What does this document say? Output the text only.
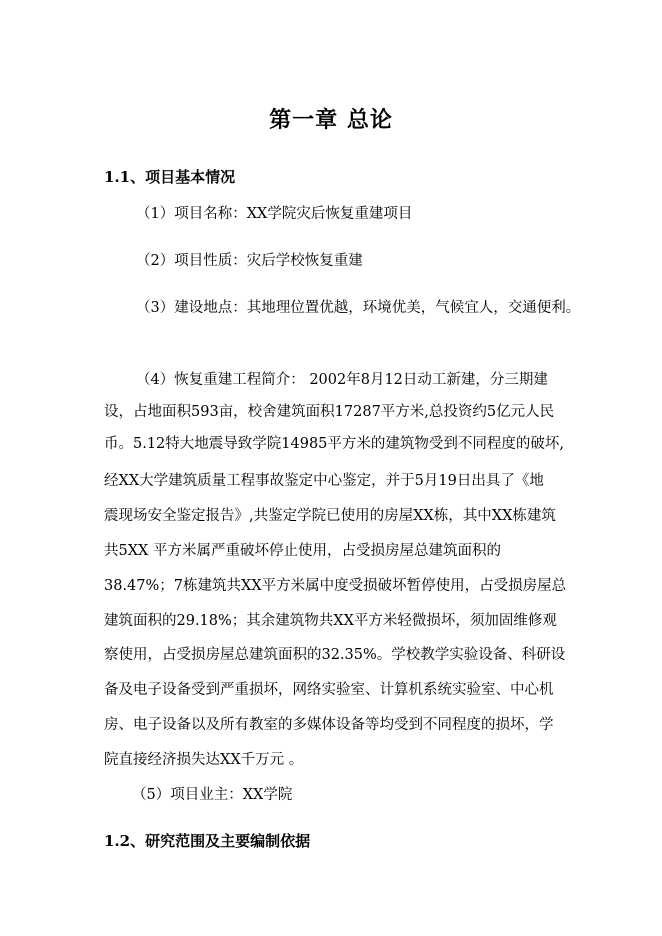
第一章 总论
1.1、项目基本情况

（1）项目名称：XX学院灾后恢复重建项目

（2）项目性质：灾后学校恢复重建

（3）建设地点：其地理位置优越，环境优美，气候宜人，交通便利。

（4）恢复重建工程简介： 2002年8月12日动工新建，分三期建

设，占地面积593亩，校舍建筑面积17287平方米,总投资约5亿元人民

币。5.12特大地震导致学院14985平方米的建筑物受到不同程度的破坏,

经XX大学建筑质量工程事故鉴定中心鉴定，并于5月19日出具了《地

震现场安全鉴定报告》,共鉴定学院已使用的房屋XX栋，其中XX栋建筑

共5XX 平方米属严重破坏停止使用，占受损房屋总建筑面积的

38.47%；7栋建筑共XX平方米属中度受损破坏暂停使用，占受损房屋总

建筑面积的29.18%；其余建筑物共XX平方米轻微损坏，须加固维修观

察使用，占受损房屋总建筑面积的32.35%。学校教学实验设备、科研设

备及电子设备受到严重损坏，网络实验室、计算机系统实验室、中心机

房、电子设备以及所有教室的多媒体设备等均受到不同程度的损坏，学

院直接经济损失达XX千万元 。

（5）项目业主：XX学院

1.2、研究范围及主要编制依据
